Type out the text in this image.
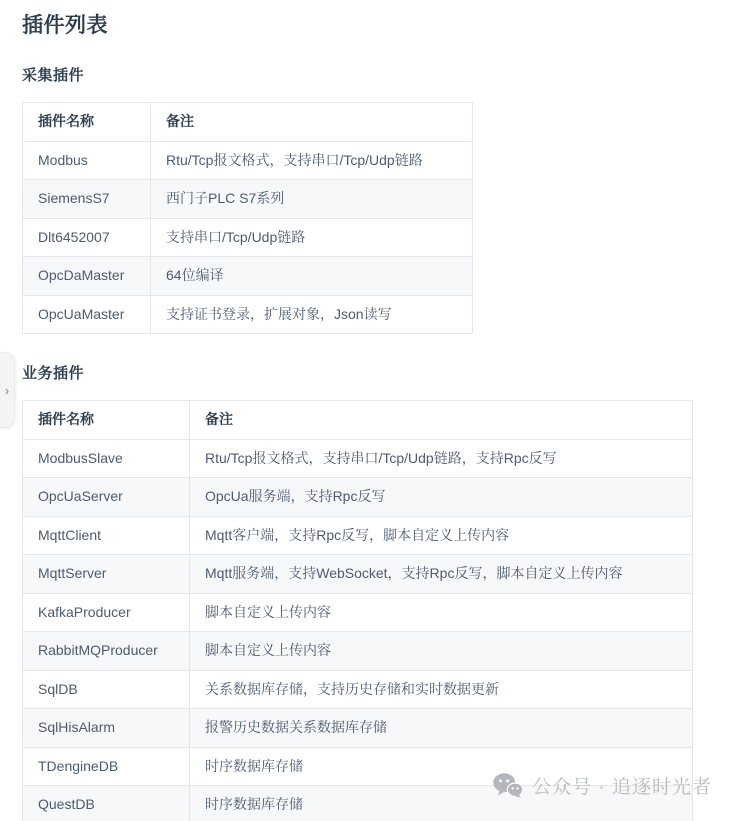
插件列表
采集插件
插件名称	备注
Modbus	Rtu/Tcp报文格式，支持串口/Tcp/Udp链路
SiemensS7	西门子PLC S7系列
Dlt6452007	支持串口/Tcp/Udp链路
OpcDaMaster	64位编译
OpcUaMaster	支持证书登录，扩展对象，Json读写
业务插件
插件名称	备注
ModbusSlave	Rtu/Tcp报文格式，支持串口/Tcp/Udp链路，支持Rpc反写
OpcUaServer	OpcUa服务端，支持Rpc反写
MqttClient	Mqtt客户端，支持Rpc反写，脚本自定义上传内容
MqttServer	Mqtt服务端，支持WebSocket，支持Rpc反写，脚本自定义上传内容
KafkaProducer	脚本自定义上传内容
RabbitMQProducer	脚本自定义上传内容
SqlDB	关系数据库存储，支持历史存储和实时数据更新
SqlHisAlarm	报警历史数据关系数据库存储
TDengineDB	时序数据库存储
QuestDB	时序数据库存储
›
公众号 · 追逐时光者
